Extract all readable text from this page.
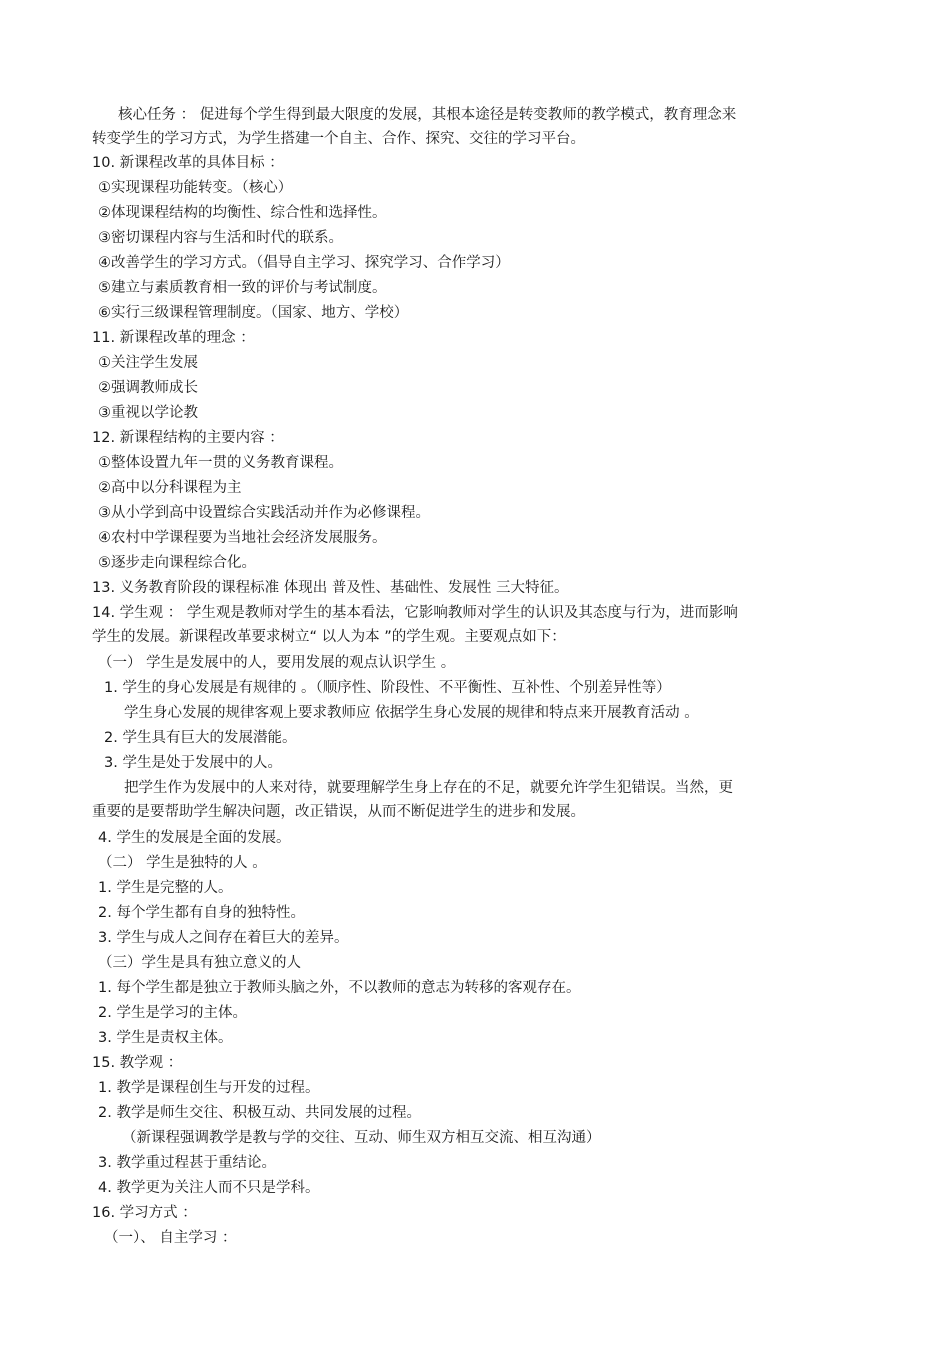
核心任务 ： 促进每个学生得到最大限度的发展，其根本途径是转变教师的教学模式，教育理念来
转变学生的学习方式，为学生搭建一个自主、合作、探究、交往的学习平台。
10. 新课程改革的具体目标 ：
①实现课程功能转变。（核心）
②体现课程结构的均衡性、综合性和选择性。
③密切课程内容与生活和时代的联系。
④改善学生的学习方式。（倡导自主学习、探究学习、合作学习）
⑤建立与素质教育相一致的评价与考试制度。
⑥实行三级课程管理制度。（国家、地方、学校）
11. 新课程改革的理念 ：
①关注学生发展
②强调教师成长
③重视以学论教
12. 新课程结构的主要内容 ：
①整体设置九年一贯的义务教育课程。
②高中以分科课程为主
③从小学到高中设置综合实践活动并作为必修课程。
④农村中学课程要为当地社会经济发展服务。
⑤逐步走向课程综合化。
13. 义务教育阶段的课程标准 体现出 普及性、基础性、发展性 三大特征。
14. 学生观 ： 学生观是教师对学生的基本看法，它影响教师对学生的认识及其态度与行为，进而影响
学生的发展。新课程改革要求树立“ 以人为本 ”的学生观。主要观点如下：
（一） 学生是发展中的人，要用发展的观点认识学生 。
1. 学生的身心发展是有规律的 。（顺序性、阶段性、不平衡性、互补性、个别差异性等）
学生身心发展的规律客观上要求教师应 依据学生身心发展的规律和特点来开展教育活动 。
2. 学生具有巨大的发展潜能。
3. 学生是处于发展中的人。
把学生作为发展中的人来对待，就要理解学生身上存在的不足，就要允许学生犯错误。当然，更
重要的是要帮助学生解决问题，改正错误，从而不断促进学生的进步和发展。
4. 学生的发展是全面的发展。
（二） 学生是独特的人 。
1. 学生是完整的人。
2. 每个学生都有自身的独特性。
3. 学生与成人之间存在着巨大的差异。
（三）学生是具有独立意义的人
1. 每个学生都是独立于教师头脑之外，不以教师的意志为转移的客观存在。
2. 学生是学习的主体。
3. 学生是责权主体。
15. 教学观 ：
1. 教学是课程创生与开发的过程。
2. 教学是师生交往、积极互动、共同发展的过程。
（新课程强调教学是教与学的交往、互动、师生双方相互交流、相互沟通）
3. 教学重过程甚于重结论。
4. 教学更为关注人而不只是学科。
16. 学习方式 ：
（一）、 自主学习 ：
